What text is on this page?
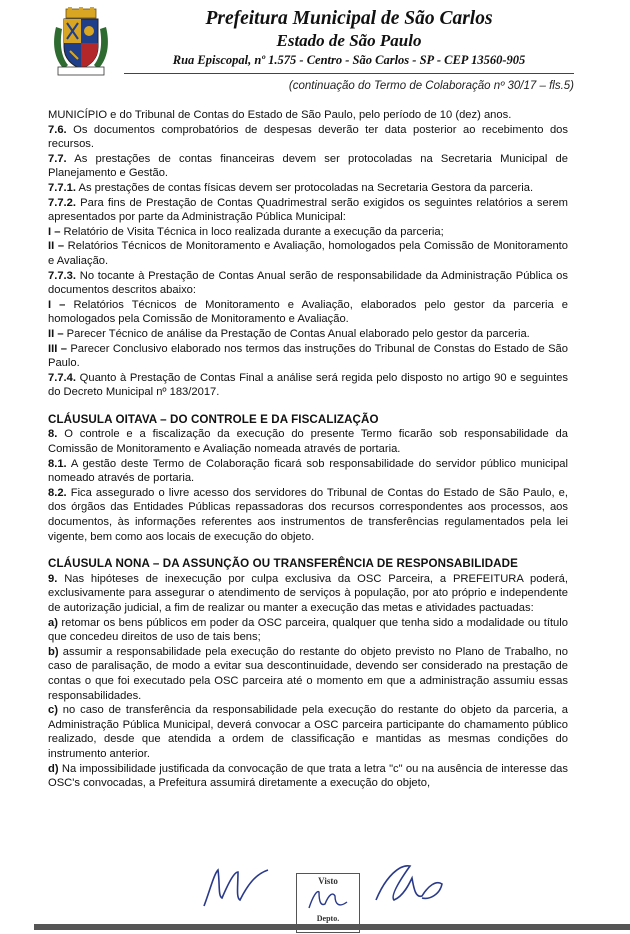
Prefeitura Municipal de São Carlos
Estado de São Paulo
Rua Episcopal, nº 1.575 - Centro - São Carlos - SP - CEP 13560-905
(continuação do Termo de Colaboração nº 30/17 – fls.5)

MUNICÍPIO e do Tribunal de Contas do Estado de São Paulo, pelo período de 10 (dez) anos.

7.6. Os documentos comprobatórios de despesas deverão ter data posterior ao recebimento dos recursos.

7.7. As prestações de contas financeiras devem ser protocoladas na Secretaria Municipal de Planejamento e Gestão.

7.7.1. As prestações de contas físicas devem ser protocoladas na Secretaria Gestora da parceria.

7.7.2. Para fins de Prestação de Contas Quadrimestral serão exigidos os seguintes relatórios a serem apresentados por parte da Administração Pública Municipal:

I – Relatório de Visita Técnica in loco realizada durante a execução da parceria;

II – Relatórios Técnicos de Monitoramento e Avaliação, homologados pela Comissão de Monitoramento e Avaliação.

7.7.3. No tocante à Prestação de Contas Anual serão de responsabilidade da Administração Pública os documentos descritos abaixo:

I – Relatórios Técnicos de Monitoramento e Avaliação, elaborados pelo gestor da parceria e homologados pela Comissão de Monitoramento e Avaliação.

II – Parecer Técnico de análise da Prestação de Contas Anual elaborado pelo gestor da parceria.

III – Parecer Conclusivo elaborado nos termos das instruções do Tribunal de Constas do Estado de São Paulo.

7.7.4. Quanto à Prestação de Contas Final a análise será regida pelo disposto no artigo 90 e seguintes do Decreto Municipal nº 183/2017.

CLÁUSULA OITAVA – DO CONTROLE E DA FISCALIZAÇÃO

8. O controle e a fiscalização da execução do presente Termo ficarão sob responsabilidade da Comissão de Monitoramento e Avaliação nomeada através de portaria.

8.1. A gestão deste Termo de Colaboração ficará sob responsabilidade do servidor público municipal nomeado através de portaria.

8.2. Fica assegurado o livre acesso dos servidores do Tribunal de Contas do Estado de São Paulo, e, dos órgãos das Entidades Públicas repassadoras dos recursos correspondentes aos processos, aos documentos, às informações referentes aos instrumentos de transferências regulamentados pela lei vigente, bem como aos locais de execução do objeto.

CLÁUSULA NONA – DA ASSUNÇÃO OU TRANSFERÊNCIA DE RESPONSABILIDADE

9. Nas hipóteses de inexecução por culpa exclusiva da OSC Parceira, a PREFEITURA poderá, exclusivamente para assegurar o atendimento de serviços à população, por ato próprio e independente de autorização judicial, a fim de realizar ou manter a execução das metas e atividades pactuadas:

a) retomar os bens públicos em poder da OSC parceira, qualquer que tenha sido a modalidade ou título que concedeu direitos de uso de tais bens;

b) assumir a responsabilidade pela execução do restante do objeto previsto no Plano de Trabalho, no caso de paralisação, de modo a evitar sua descontinuidade, devendo ser considerado na prestação de contas o que foi executado pela OSC parceira até o momento em que a administração assumiu essas responsabilidades.

c) no caso de transferência da responsabilidade pela execução do restante do objeto da parceria, a Administração Pública Municipal, deverá convocar a OSC parceira participante do chamamento público realizado, desde que atendida a ordem de classificação e mantidas as mesmas condições do instrumento anterior.

d) Na impossibilidade justificada da convocação de que trata a letra "c" ou na ausência de interesse das OSC's convocadas, a Prefeitura assumirá diretamente a execução do objeto,

Visto
Depto.
